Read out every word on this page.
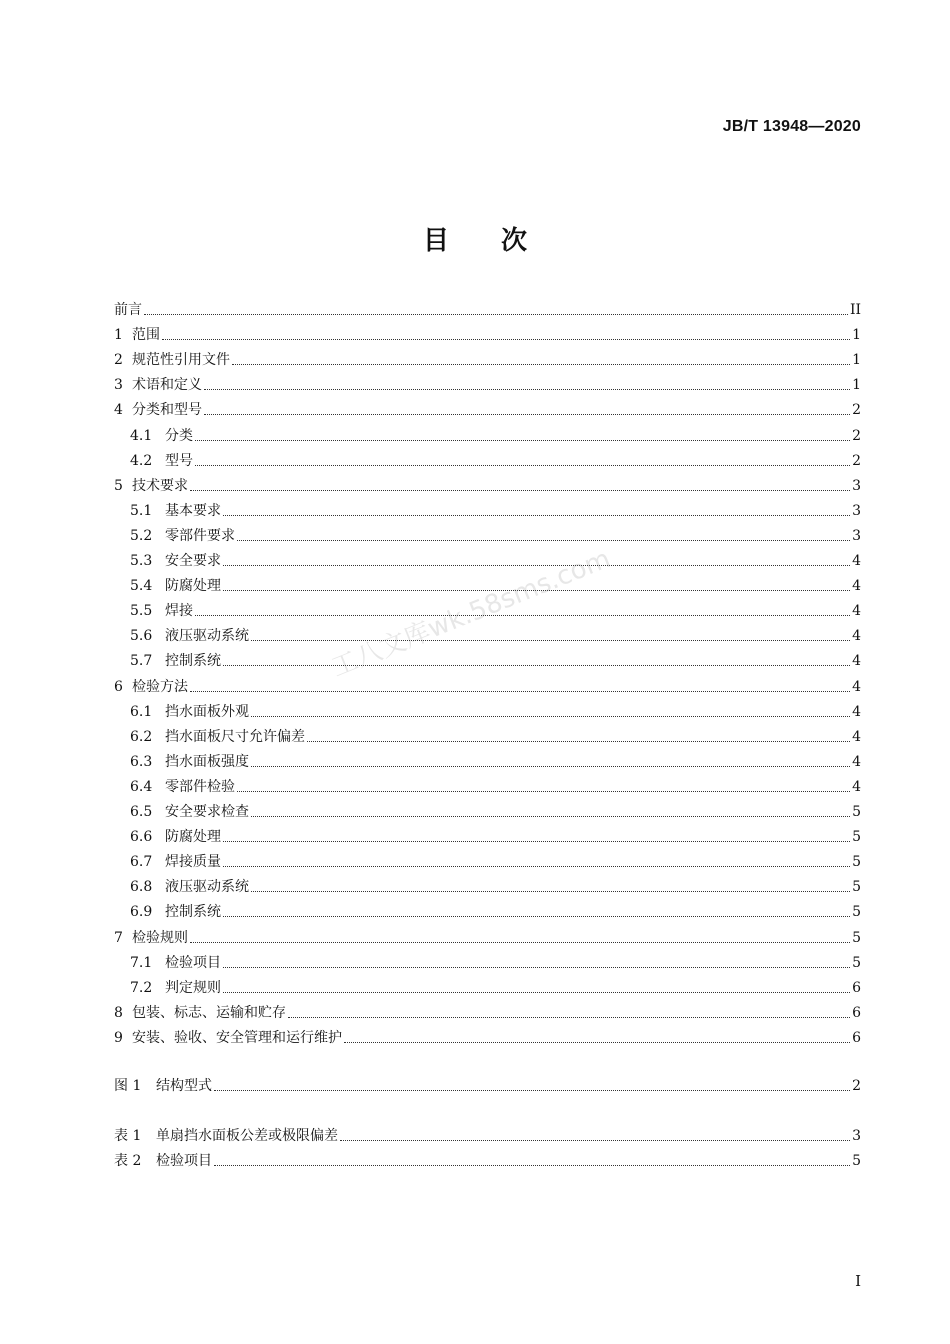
JB/T 13948—2020
目次
前言	II
1 范围	1
2 规范性引用文件	1
3 术语和定义	1
4 分类和型号	2
4.1 分类	2
4.2 型号	2
5 技术要求	3
5.1 基本要求	3
5.2 零部件要求	3
5.3 安全要求	4
5.4 防腐处理	4
5.5 焊接	4
5.6 液压驱动系统	4
5.7 控制系统	4
6 检验方法	4
6.1 挡水面板外观	4
6.2 挡水面板尺寸允许偏差	4
6.3 挡水面板强度	4
6.4 零部件检验	4
6.5 安全要求检查	5
6.6 防腐处理	5
6.7 焊接质量	5
6.8 液压驱动系统	5
6.9 控制系统	5
7 检验规则	5
7.1 检验项目	5
7.2 判定规则	6
8 包装、标志、运输和贮存	6
9 安装、验收、安全管理和运行维护	6
图 1	结构型式	2
表 1	单扇挡水面板公差或极限偏差	3
表 2	检验项目	5
工八文库wk.58sms.com
I
